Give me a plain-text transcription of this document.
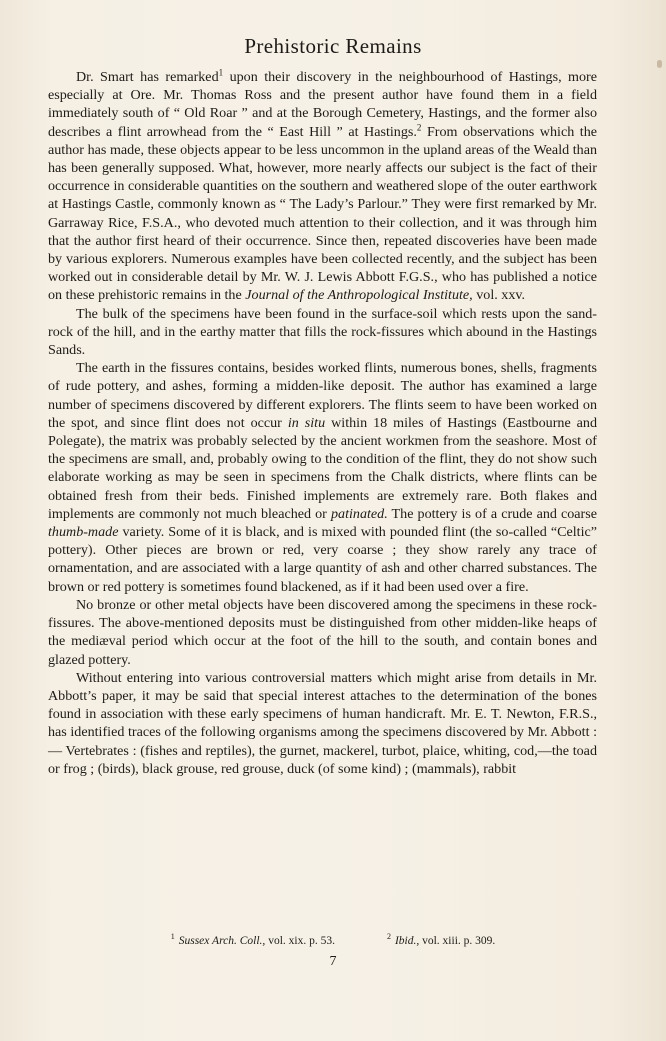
Prehistoric Remains

Dr. Smart has remarked$^1$ upon their discovery in the neighbourhood of Hastings, more especially at Ore. Mr. Thomas Ross and the present author have found them in a field immediately south of “ Old Roar ” and at the Borough Cemetery, Hastings, and the former also describes a flint arrowhead from the “ East Hill ” at Hastings.$^2$ From observations which the author has made, these objects appear to be less uncommon in the upland areas of the Weald than has been generally supposed. What, however, more nearly affects our subject is the fact of their occurrence in considerable quantities on the southern and weathered slope of the outer earthwork at Hastings Castle, commonly known as “ The Lady’s Parlour.” They were first remarked by Mr. Garraway Rice, F.S.A., who devoted much attention to their collection, and it was through him that the author first heard of their occurrence. Since then, repeated discoveries have been made by various explorers. Numerous examples have been collected recently, and the subject has been worked out in considerable detail by Mr. W. J. Lewis Abbott F.G.S., who has published a notice on these prehistoric remains in the Journal of the Anthropological Institute, vol. xxv.

The bulk of the specimens have been found in the surface-soil which rests upon the sand-rock of the hill, and in the earthy matter that fills the rock-fissures which abound in the Hastings Sands.

The earth in the fissures contains, besides worked flints, numerous bones, shells, fragments of rude pottery, and ashes, forming a midden-like deposit. The author has examined a large number of specimens discovered by different explorers. The flints seem to have been worked on the spot, and since flint does not occur in situ within 18 miles of Hastings (Eastbourne and Polegate), the matrix was probably selected by the ancient workmen from the seashore. Most of the specimens are small, and, probably owing to the condition of the flint, they do not show such elaborate working as may be seen in specimens from the Chalk districts, where flints can be obtained fresh from their beds. Finished implements are extremely rare. Both flakes and implements are commonly not much bleached or patinated. The pottery is of a crude and coarse thumb-made variety. Some of it is black, and is mixed with pounded flint (the so-called “Celtic” pottery). Other pieces are brown or red, very coarse ; they show rarely any trace of ornamentation, and are associated with a large quantity of ash and other charred substances. The brown or red pottery is sometimes found blackened, as if it had been used over a fire.

No bronze or other metal objects have been discovered among the specimens in these rock-fissures. The above-mentioned deposits must be distinguished from other midden-like heaps of the mediæval period which occur at the foot of the hill to the south, and contain bones and glazed pottery.

Without entering into various controversial matters which might arise from details in Mr. Abbott’s paper, it may be said that special interest attaches to the determination of the bones found in association with these early specimens of human handicraft. Mr. E. T. Newton, F.R.S., has identified traces of the following organisms among the specimens discovered by Mr. Abbott :— Vertebrates : (fishes and reptiles), the gurnet, mackerel, turbot, plaice, whiting, cod,—the toad or frog ; (birds), black grouse, red grouse, duck (of some kind) ; (mammals), rabbit

$^1$ Sussex Arch. Coll., vol. xix. p. 53.	$^2$ Ibid., vol. xiii. p. 309.
7
